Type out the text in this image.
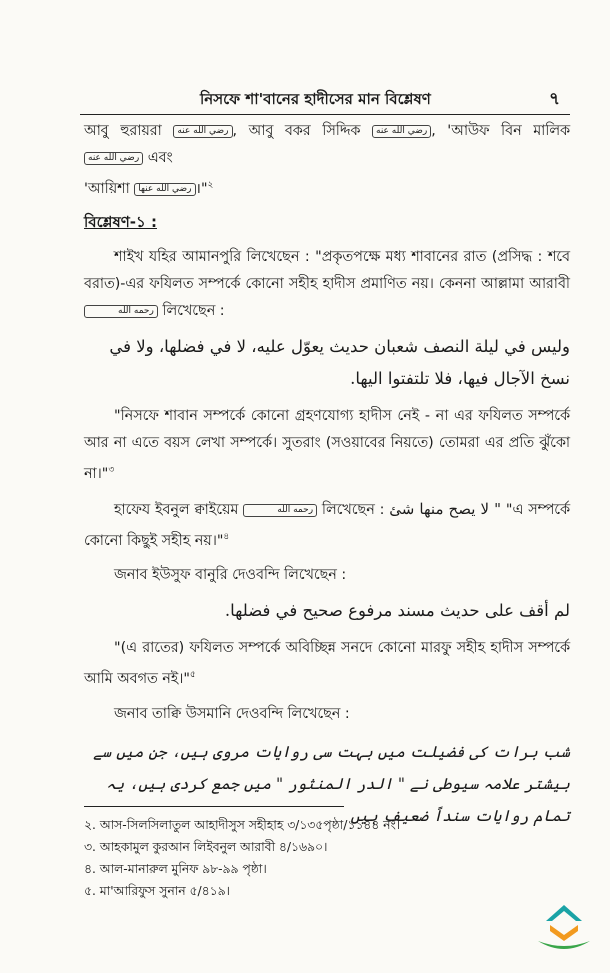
নিসফে শা'বানের হাদীসের মান বিশ্লেষণ	৭

আবু হুরায়রা رضي الله عنه , আবু বকর সিদ্দিক رضي الله عنه , 'আউফ বিন মালিক رضي الله عنه এবং
'আয়িশা رضي الله عنها ।"$^২$

বিশ্লেষণ-১ :

শাইখ যহির আমানপুরি লিখেছেন : "প্রকৃতপক্ষে মধ্য শাবানের রাত (প্রসিদ্ধ : শবে বরাত)-এর ফযিলত সম্পর্কে কোনো সহীহ হাদীস প্রমাণিত নয়। কেননা আল্লামা আরাবী رحمه الله লিখেছেন :

وليس في ليلة النصف شعبان حديث يعوّل عليه، لا في فضلها، ولا في نسخ الآجال فيها، فلا تلتفتوا اليها.

"নিসফে শাবান সম্পর্কে কোনো গ্রহণযোগ্য হাদীস নেই - না এর ফযিলত সম্পর্কে আর না এতে বয়স লেখা সম্পর্কে। সুতরাং (সওয়াবের নিয়তে) তোমরা এর প্রতি ঝুঁকো না।"$^৩$

হাফেয ইবনুল ক্বাইয়েম	رحمه الله লিখেছেন : " لا يصح منها شئ "এ সম্পর্কে কোনো কিছুই সহীহ নয়।"$^৪$

জনাব ইউসুফ বানুরি দেওবন্দি লিখেছেন :

لم أقف على حديث مسند مرفوع صحيح في فضلها.

"(এ রাতের) ফযিলত সম্পর্কে অবিচ্ছিন্ন সনদে কোনো মারফু সহীহ হাদীস সম্পর্কে আমি অবগত নই।"$^৫$

জনাব তাক্বি উসমানি দেওবন্দি লিখেছেন :

شب برات کی فضیلت میں بہت سی روایات مروی ہیں، جن میں سے بیشتر علامہ سیوطی نے " الدر المنثور " میں جمع کردی ہیں، یہ تمام روایات سنداً ضعیف ہیں

২. আস-সিলসিলাতুল আহাদীসুস সহীহাহ ৩/১৩৫পৃষ্ঠা/১১৪৪ নং।
৩. আহকামুল কুরআন লিইবনুল আরাবী ৪/১৬৯০।
৪. আল-মানারুল মুনিফ ৯৮-৯৯ পৃষ্ঠা।
৫. মা'আরিফুস সুনান ৫/৪১৯।
